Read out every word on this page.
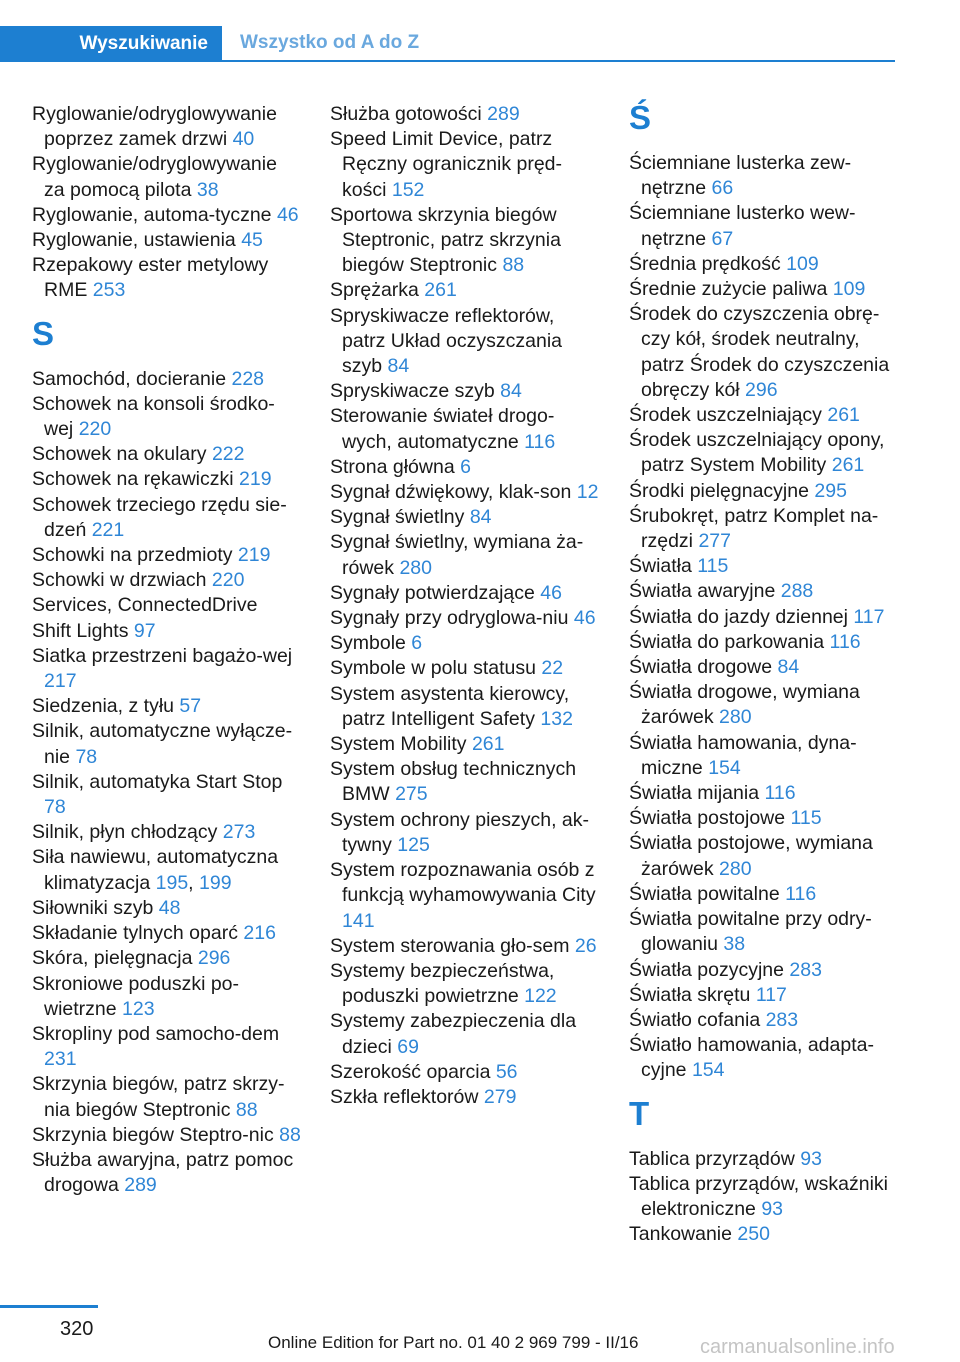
Wyszukiwanie	Wszystko od A do Z
Ryglowanie/odryglowywanie poprzez zamek drzwi 40
Ryglowanie/odryglowywanie za pomocą pilota 38
Ryglowanie, automa‐tyczne 46
Ryglowanie, ustawienia 45
Rzepakowy ester metylowy RME 253
S
Samochód, docieranie 228
Schowek na konsoli środko‐wej 220
Schowek na okulary 222
Schowek na rękawiczki 219
Schowek trzeciego rzędu sie‐dzeń 221
Schowki na przedmioty 219
Schowki w drzwiach 220
Services, ConnectedDrive
Shift Lights 97
Siatka przestrzeni bagażo‐wej 217
Siedzenia, z tyłu 57
Silnik, automatyczne wyłącze‐nie 78
Silnik, automatyka Start Stop 78
Silnik, płyn chłodzący 273
Siła nawiewu, automatyczna klimatyzacja 195, 199
Siłowniki szyb 48
Składanie tylnych oparć 216
Skóra, pielęgnacja 296
Skroniowe poduszki po‐wietrzne 123
Skropliny pod samocho‐dem 231
Skrzynia biegów, patrz skrzy‐nia biegów Steptronic 88
Skrzynia biegów Steptro‐nic 88
Służba awaryjna, patrz pomoc drogowa 289
Służba gotowości 289
Speed Limit Device, patrz Ręczny ogranicznik pręd‐kości 152
Sportowa skrzynia biegów Steptronic, patrz skrzynia biegów Steptronic 88
Sprężarka 261
Spryskiwacze reflektorów, patrz Układ oczyszczania szyb 84
Spryskiwacze szyb 84
Sterowanie świateł drogo‐wych, automatyczne 116
Strona główna 6
Sygnał dźwiękowy, klak‐son 12
Sygnał świetlny 84
Sygnał świetlny, wymiana ża‐rówek 280
Sygnały potwierdzające 46
Sygnały przy odryglowa‐niu 46
Symbole 6
Symbole w polu statusu 22
System asystenta kierowcy, patrz Intelligent Safety 132
System Mobility 261
System obsług technicznych BMW 275
System ochrony pieszych, ak‐tywny 125
System rozpoznawania osób z funkcją wyhamowywania City 141
System sterowania gło‐sem 26
Systemy bezpieczeństwa, poduszki powietrzne 122
Systemy zabezpieczenia dla dzieci 69
Szerokość oparcia 56
Szkła reflektorów 279
Ś
Ściemniane lusterka zew‐nętrzne 66
Ściemniane lusterko wew‐nętrzne 67
Średnia prędkość 109
Średnie zużycie paliwa 109
Środek do czyszczenia obrę‐czy kół, środek neutralny, patrz Środek do czyszczenia obręczy kół 296
Środek uszczelniający 261
Środek uszczelniający opony, patrz System Mobility 261
Środki pielęgnacyjne 295
Śrubokręt, patrz Komplet na‐rzędzi 277
Światła 115
Światła awaryjne 288
Światła do jazdy dziennej 117
Światła do parkowania 116
Światła drogowe 84
Światła drogowe, wymiana żarówek 280
Światła hamowania, dyna‐miczne 154
Światła mijania 116
Światła postojowe 115
Światła postojowe, wymiana żarówek 280
Światła powitalne 116
Światła powitalne przy odry‐glowaniu 38
Światła pozycyjne 283
Światła skrętu 117
Światło cofania 283
Światło hamowania, adapta‐cyjne 154
T
Tablica przyrządów 93
Tablica przyrządów, wskaźniki elektroniczne 93
Tankowanie 250
320
Online Edition for Part no. 01 40 2 969 799 - II/16	carmanualsonline.info
